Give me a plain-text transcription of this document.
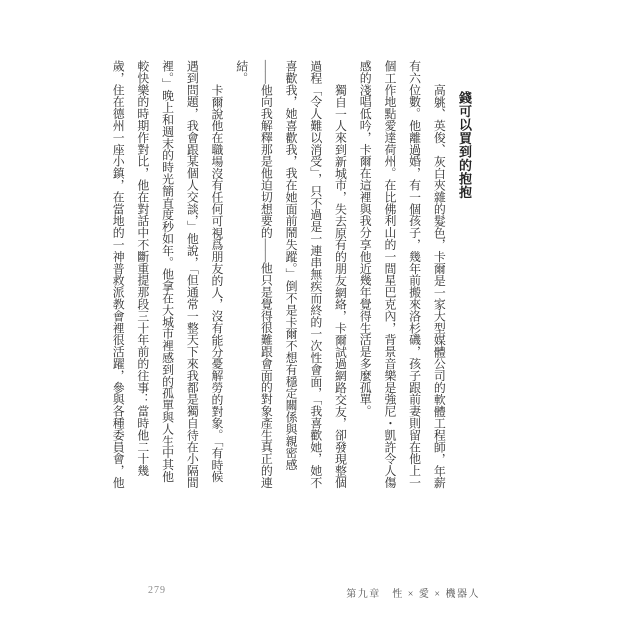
錢可以買到的抱抱

高䠷、英俊、灰白夾雜的髮色，卡爾是一家大型媒體公司的軟體工程師，年薪有六位數。他離過婚，有一個孩子，幾年前搬來洛杉磯，孩子跟前妻則留在他上一個工作地點愛達荷州。在比佛利山的一間星巴克內，背景音樂是強尼・凱許令人傷感的淺唱低吟，卡爾在這裡與我分享他近幾年覺得生活是多麼孤單。

獨自一人來到新城市，失去原有的朋友網絡，卡爾試過網路交友，卻發現整個過程「令人難以消受」，只不過是一連串無疾而終的一次性會面，「我喜歡她，她不喜歡我，她喜歡我，我在她面前鬧失蹤。」倒不是卡爾不想有穩定關係與親密感——他向我解釋那是他迫切想要的——他只是覺得很難跟會面的對象產生真正的連結。

卡爾說他在職場沒有任何可視爲朋友的人，沒有能分憂解勞的對象。「有時候遇到問題，我會跟某個人交談，」他說，「但通常一整天下來我都是獨自待在小隔間裡。」晚上和週末的時光簡直度秒如年。他拿在大城市裡感到的孤單與人生中其他較快樂的時期作對比，他在對話中不斷重提那段三十年前的往事：當時他二十幾歲，住在德州一座小鎮，在當地的一神普救派教會裡很活躍，參與各種委員會，他

279	第九章　性 × 愛 × 機器人
